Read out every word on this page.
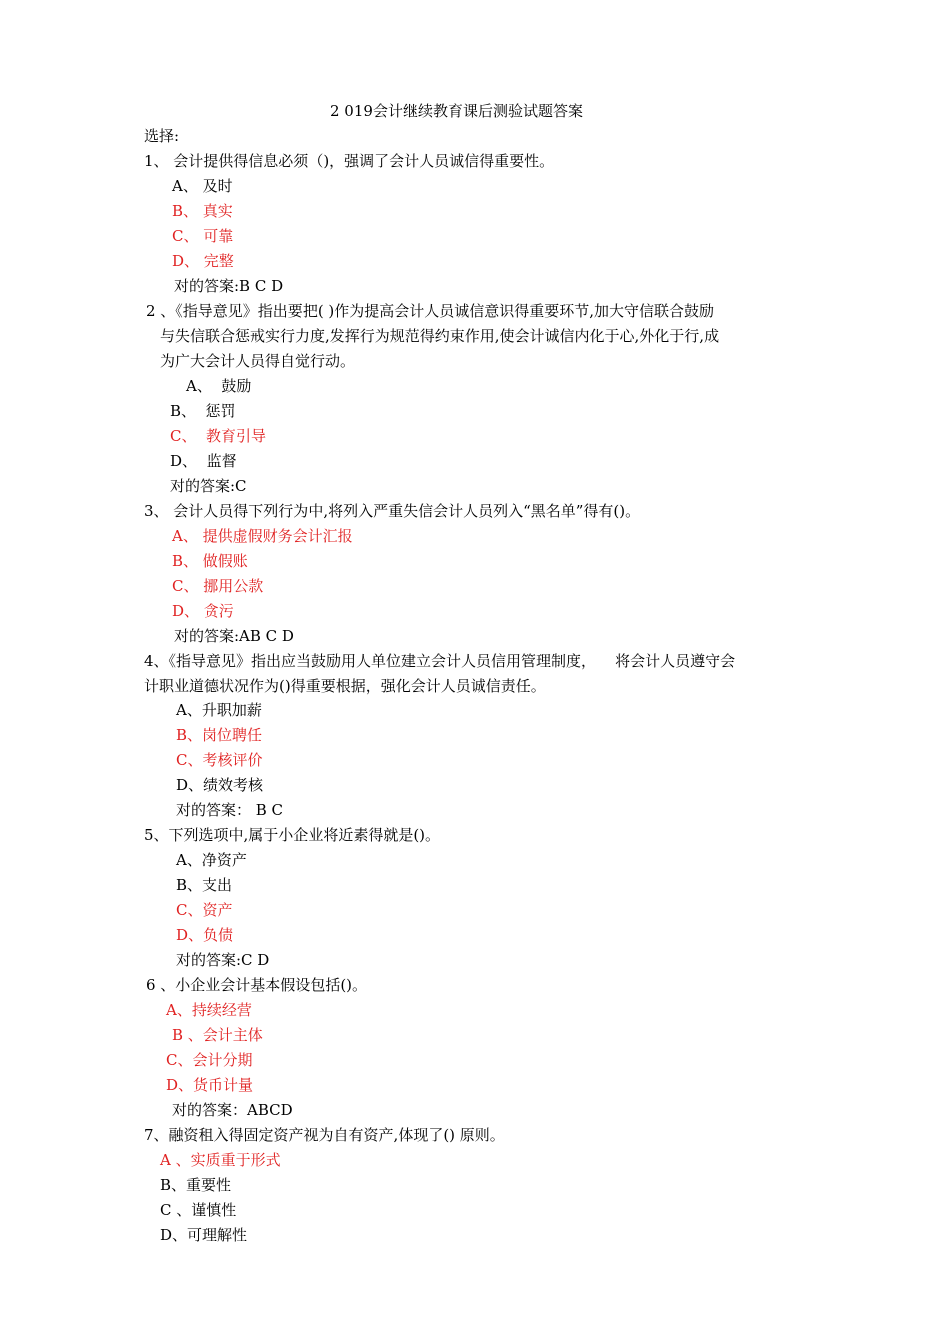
2 019会计继续教育课后测验试题答案
选择:
1、 会计提供得信息必须（)，强调了会计人员诚信得重要性。
A、 及时
B、 真实
C、 可靠
D、 完整
对的答案:B C D
2 、《指导意见》指出要把( )作为提高会计人员诚信意识得重要环节,加大守信联合鼓励
与失信联合惩戒实行力度,发挥行为规范得约束作用,使会计诚信内化于心,外化于行,成
为广大会计人员得自觉行动。
A、  鼓励
B、  惩罚
C、  教育引导
D、  监督
对的答案:C
3、 会计人员得下列行为中,将列入严重失信会计人员列入“黑名单”得有()。
A、 提供虚假财务会计汇报
B、 做假账
C、 挪用公款
D、 贪污
对的答案:AB C D
4、《指导意见》指出应当鼓励用人单位建立会计人员信用管理制度，    将会计人员遵守会
计职业道德状况作为()得重要根据，强化会计人员诚信责任。
A、升职加薪
B、岗位聘任
C、考核评价
D、绩效考核
对的答案： B C
5、下列选项中,属于小企业将近素得就是()。
A、净资产
B、支出
C、资产
D、负债
对的答案:C D
6 、小企业会计基本假设包括()。
A、持续经营
B 、会计主体
C、会计分期
D、货币计量
对的答案：ABCD
7、融资租入得固定资产视为自有资产,体现了() 原则。
A 、实质重于形式
B、重要性
C 、谨慎性
D、可理解性
